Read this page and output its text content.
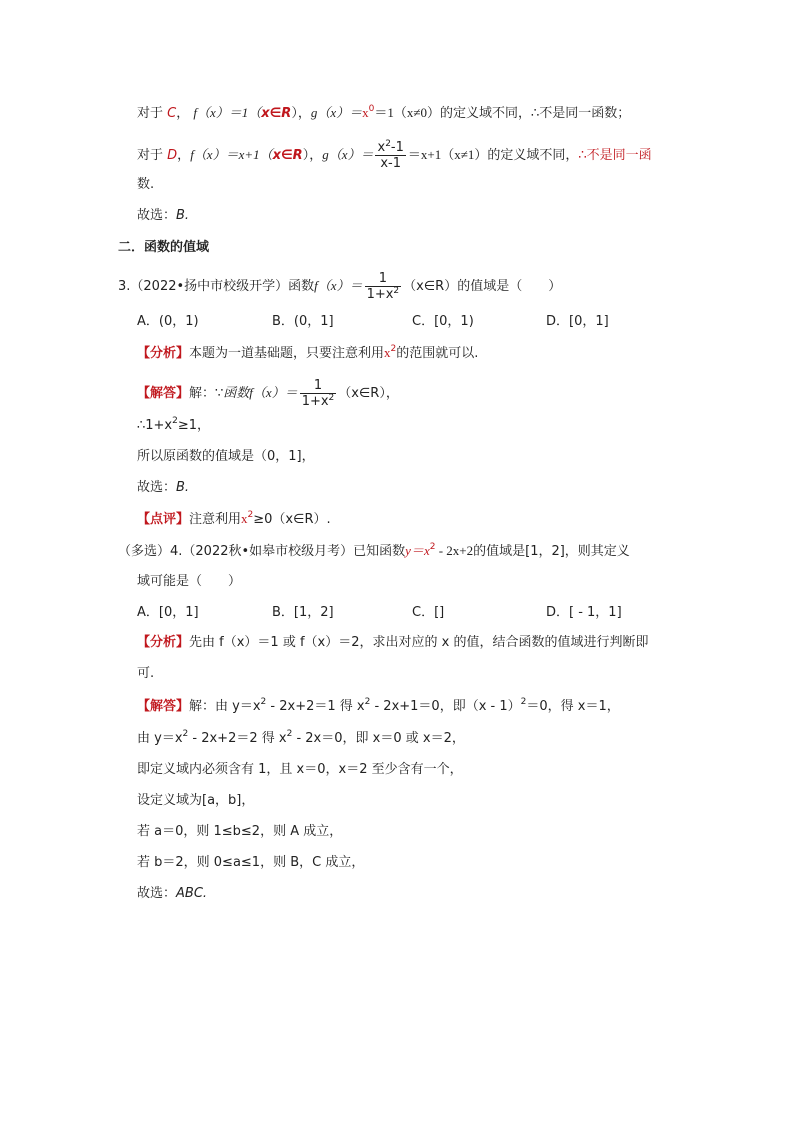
对于 C， f（x）＝1（x∈R），$g(x)=x^0=1(x\ne 0)$的定义域不同，∴不是同一函数；
对于 D，f（x）＝x+1（x∈R），$g(x)= \frac{x^2-1}{x-1} =x+1(x\ne 1)$的定义域不同，∴不是同一函
数.
故选：B.
二．函数的值域
3.（2022•扬中市校级开学）函数$f(x)= \frac{1}{1+x^2}$ （x∈R）的值域是（　　）
A．(0，1)	B．(0，1]	C．[0，1)	D．[0，1]
【分析】本题为一道基础题，只要注意利用$x^2$的范围就可以.
【解答】解：∵函数$f(x)= \frac{1}{1+x^2}$ （x∈R），
$\therefore 1+x^2\ge 1$，
所以原函数的值域是（0，1]，
故选：B.
【点评】注意利用$x^2\ge 0(x\in R)$.
（多选）4.（2022秋•如皋市校级月考）已知函数$y=x^2 - 2x+2$的值域是[1，2]，则其定义
域可能是（　　）
A．[0，1]	B．[1，2]	C．[]	D．[ - 1，1]
【分析】先由 f（x）＝1 或 f（x）＝2，求出对应的 x 的值，结合函数的值域进行判断即
可.
【解答】解：由 $y=x^2 - 2x+2=1$ 得 $x^2 - 2x+1=0$，即（x - 1）$^2$＝0，得 x＝1，
由 $y=x^2 - 2x+2=2$ 得 $x^2 - 2x=0$，即 x＝0 或 x＝2，
即定义域内必须含有 1，且 x＝0，x＝2 至少含有一个，
设定义域为[a，b]，
若 a＝0，则 1≤b≤2，则 A 成立，
若 b＝2，则 0≤a≤1，则 B，C 成立，
故选：ABC.
